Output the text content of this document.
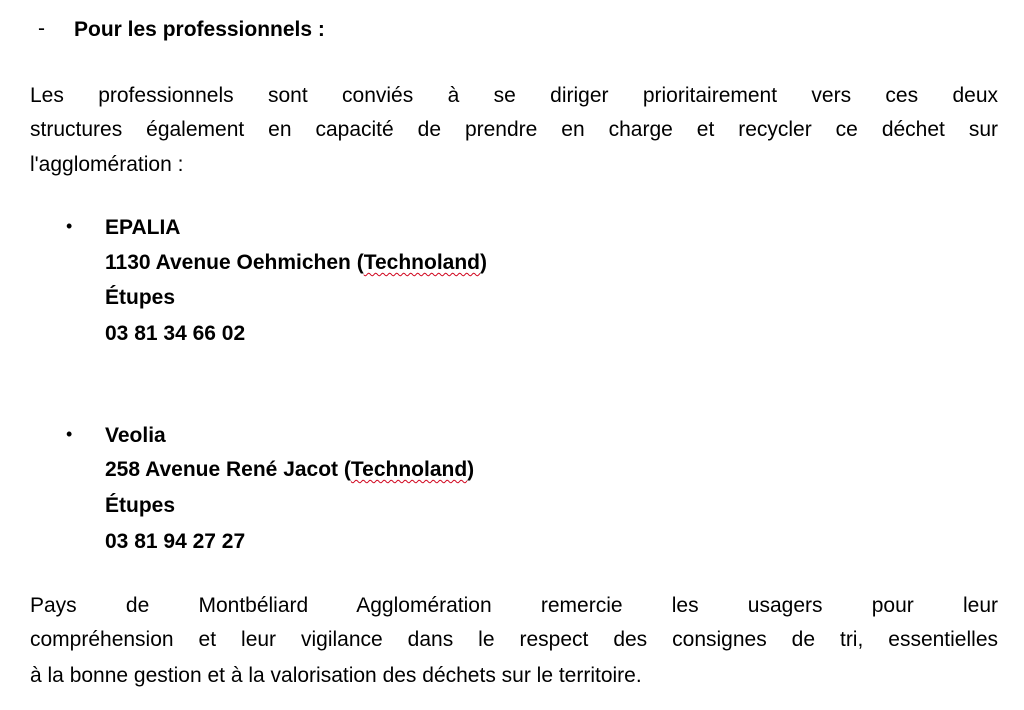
- Pour les professionnels :
Les professionnels sont conviés à se diriger prioritairement vers ces deux
structures également en capacité de prendre en charge et recycler ce déchet sur
l'agglomération :
• EPALIA
1130 Avenue Oehmichen (Technoland)
Étupes
03 81 34 66 02
• Veolia
258 Avenue René Jacot (Technoland)
Étupes
03 81 94 27 27
Pays de Montbéliard Agglomération remercie les usagers pour leur
compréhension et leur vigilance dans le respect des consignes de tri, essentielles
à la bonne gestion et à la valorisation des déchets sur le territoire.
